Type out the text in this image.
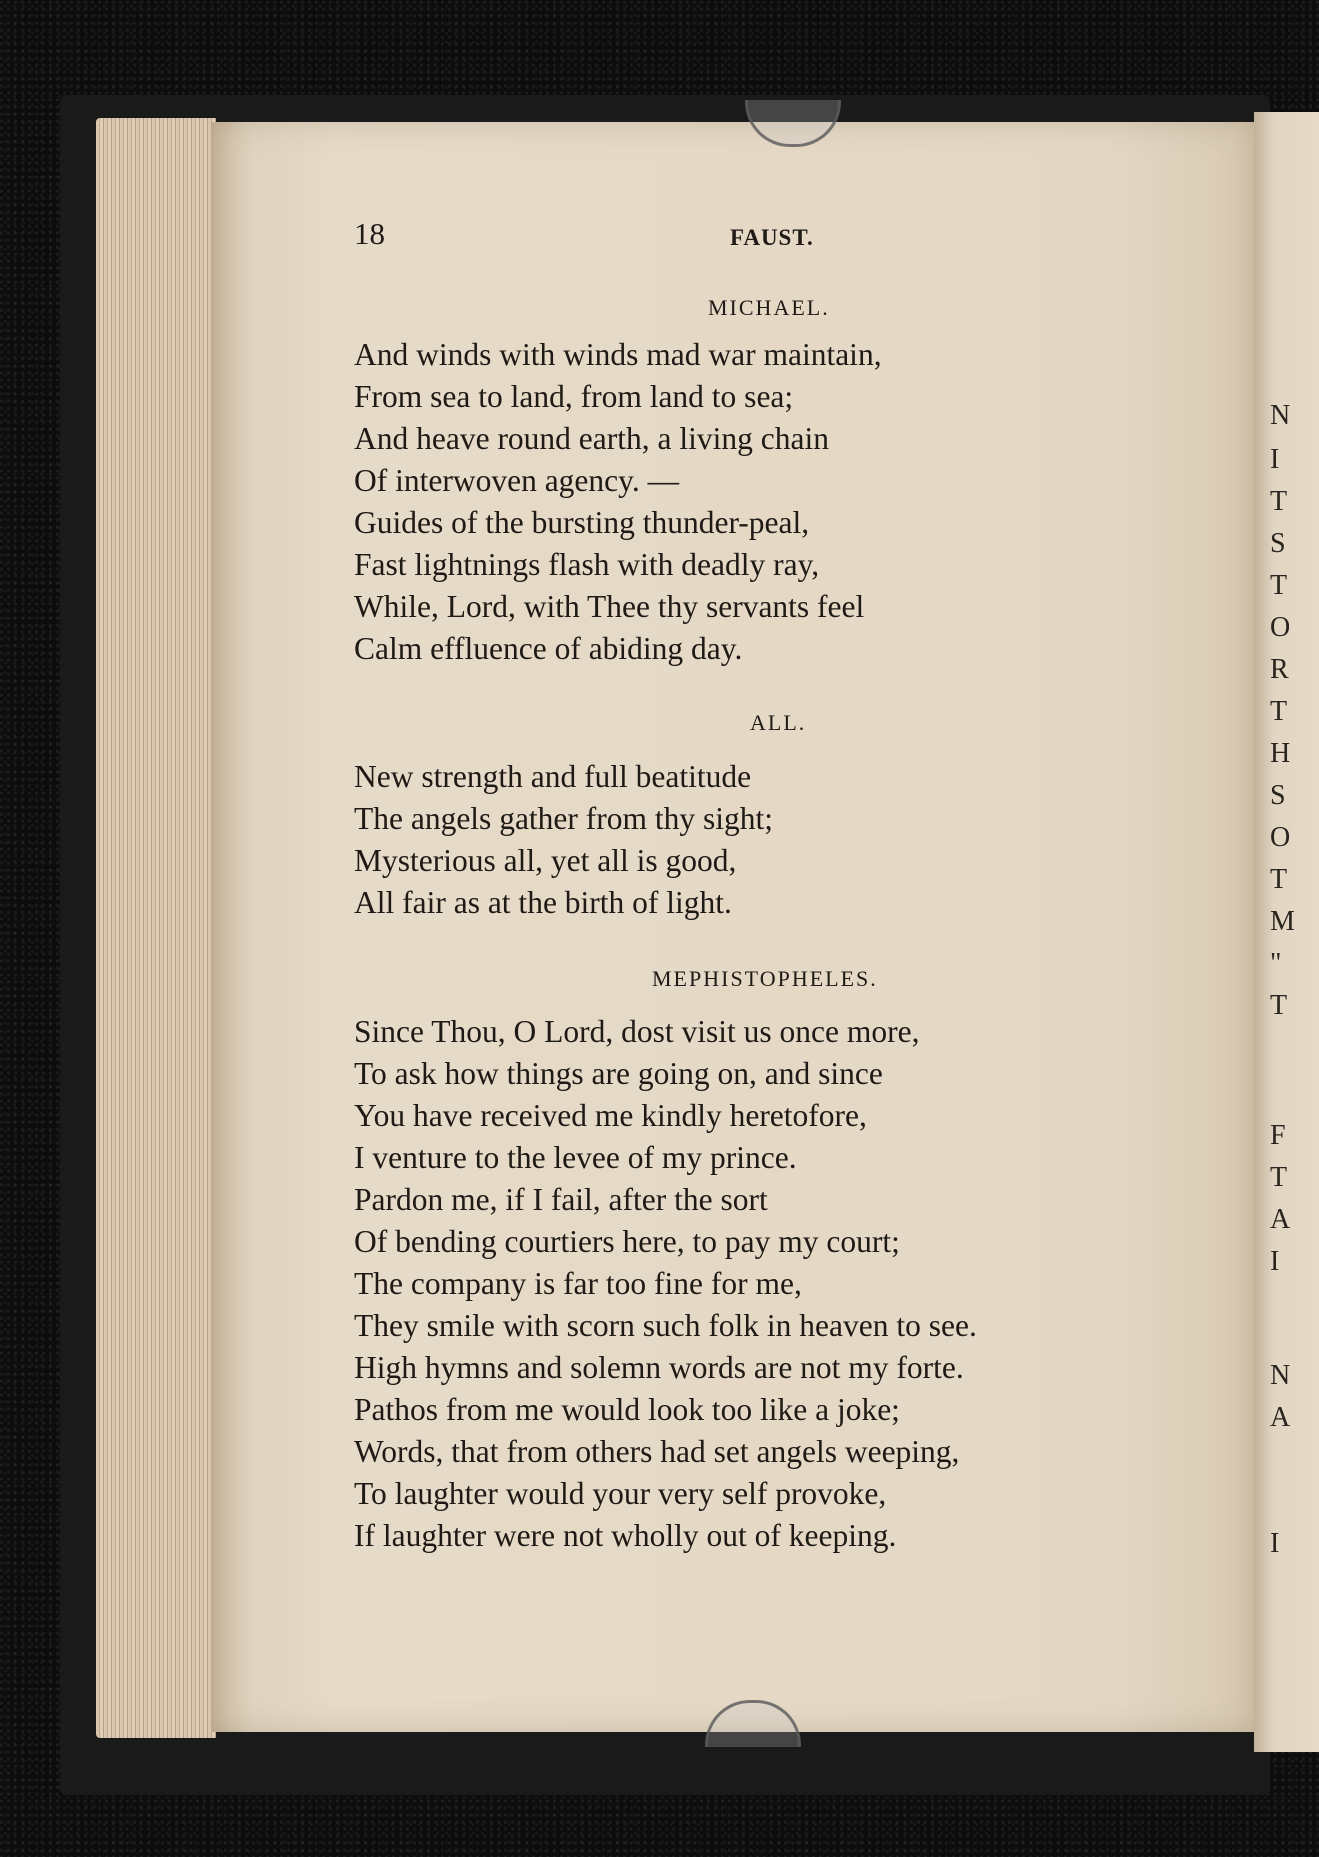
N
I
T
S
T
O
R
T
H
S
O
T
M
"
T
F
T
A
I
N
A
I
18	FAUST.
MICHAEL.
And winds with winds mad war maintain,
From sea to land, from land to sea;
And heave round earth, a living chain
Of interwoven agency. —
Guides of the bursting thunder-peal,
Fast lightnings flash with deadly ray,
While, Lord, with Thee thy servants feel
Calm effluence of abiding day.
ALL.
New strength and full beatitude
The angels gather from thy sight;
Mysterious all, yet all is good,
All fair as at the birth of light.
MEPHISTOPHELES.
Since Thou, O Lord, dost visit us once more,
To ask how things are going on, and since
You have received me kindly heretofore,
I venture to the levee of my prince.
Pardon me, if I fail, after the sort
Of bending courtiers here, to pay my court;
The company is far too fine for me,
They smile with scorn such folk in heaven to see.
High hymns and solemn words are not my forte.
Pathos from me would look too like a joke;
Words, that from others had set angels weeping,
To laughter would your very self provoke,
If laughter were not wholly out of keeping.
